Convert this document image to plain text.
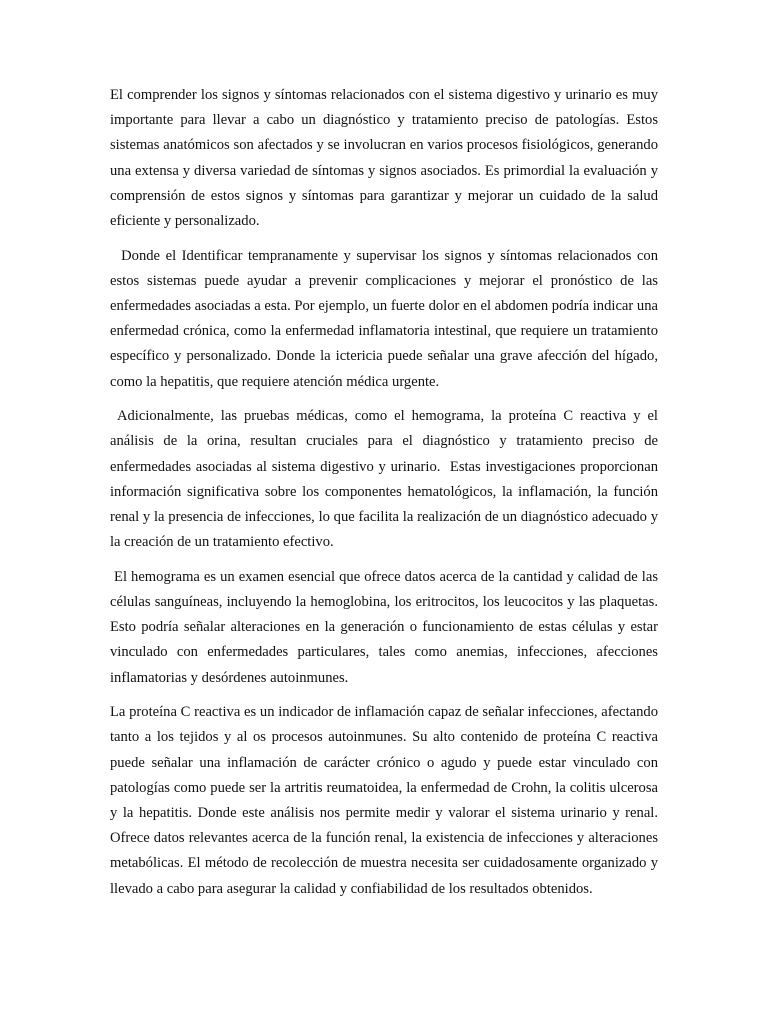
El comprender los signos y síntomas relacionados con el sistema digestivo y urinario es muy importante para llevar a cabo un diagnóstico y tratamiento preciso de patologías. Estos sistemas anatómicos son afectados y se involucran en varios procesos fisiológicos, generando una extensa y diversa variedad de síntomas y signos asociados. Es primordial la evaluación y comprensión de estos signos y síntomas para garantizar y mejorar un cuidado de la salud eficiente y personalizado.

Donde el Identificar tempranamente y supervisar los signos y síntomas relacionados con estos sistemas puede ayudar a prevenir complicaciones y mejorar el pronóstico de las enfermedades asociadas a esta. Por ejemplo, un fuerte dolor en el abdomen podría indicar una enfermedad crónica, como la enfermedad inflamatoria intestinal, que requiere un tratamiento específico y personalizado. Donde la ictericia puede señalar una grave afección del hígado, como la hepatitis, que requiere atención médica urgente.

Adicionalmente, las pruebas médicas, como el hemograma, la proteína C reactiva y el análisis de la orina, resultan cruciales para el diagnóstico y tratamiento preciso de enfermedades asociadas al sistema digestivo y urinario.  Estas investigaciones proporcionan información significativa sobre los componentes hematológicos, la inflamación, la función renal y la presencia de infecciones, lo que facilita la realización de un diagnóstico adecuado y la creación de un tratamiento efectivo.

El hemograma es un examen esencial que ofrece datos acerca de la cantidad y calidad de las células sanguíneas, incluyendo la hemoglobina, los eritrocitos, los leucocitos y las plaquetas. Esto podría señalar alteraciones en la generación o funcionamiento de estas células y estar vinculado con enfermedades particulares, tales como anemias, infecciones, afecciones inflamatorias y desórdenes autoinmunes.

La proteína C reactiva es un indicador de inflamación capaz de señalar infecciones, afectando tanto a los tejidos y al os procesos autoinmunes. Su alto contenido de proteína C reactiva puede señalar una inflamación de carácter crónico o agudo y puede estar vinculado con patologías como puede ser la artritis reumatoidea, la enfermedad de Crohn, la colitis ulcerosa y la hepatitis. Donde este análisis nos permite medir y valorar el sistema urinario y renal. Ofrece datos relevantes acerca de la función renal, la existencia de infecciones y alteraciones metabólicas. El método de recolección de muestra necesita ser cuidadosamente organizado y llevado a cabo para asegurar la calidad y confiabilidad de los resultados obtenidos.
